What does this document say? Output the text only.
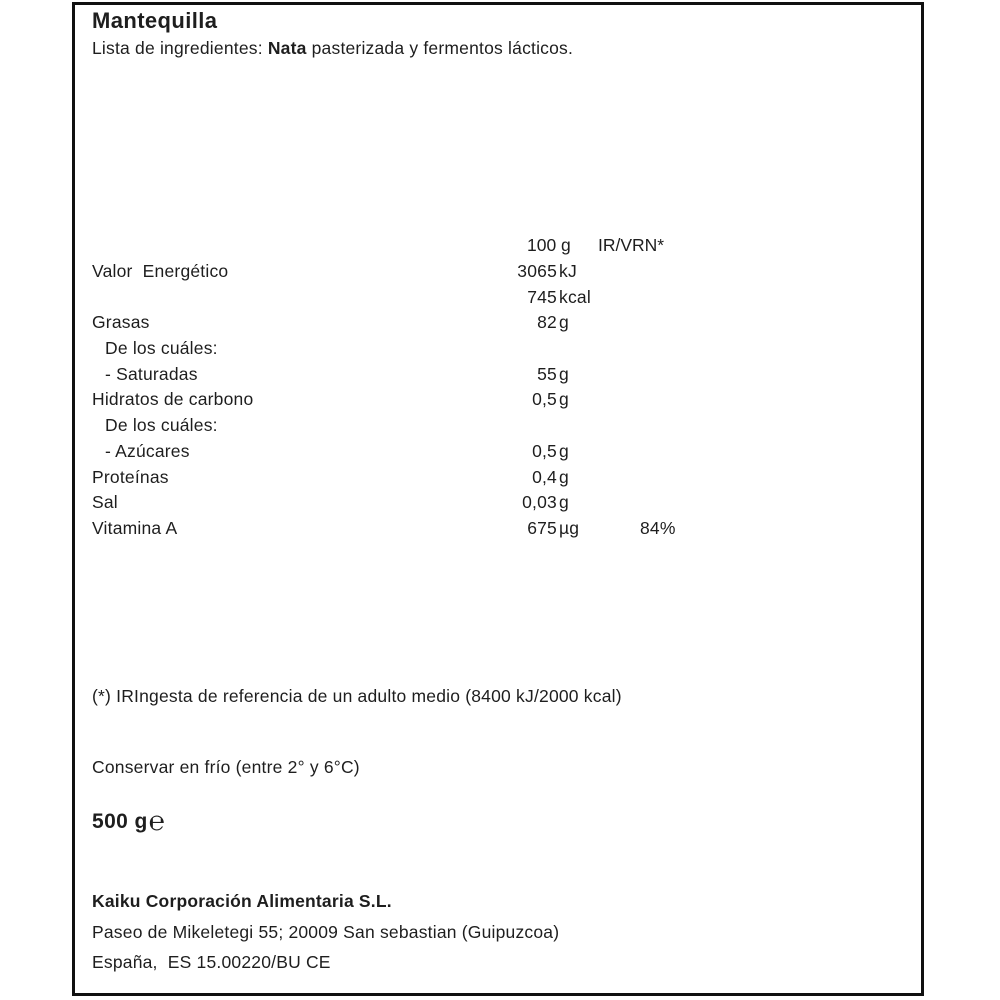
Mantequilla

Lista de ingredientes: Nata pasterizada y fermentos lácticos.

100 g IR/VRN*
Valor  Energético	3065 kJ
745 kcal
Grasas	82 g
De los cuáles:
- Saturadas	55 g
Hidratos de carbono	0,5 g
De los cuáles:
- Azúcares	0,5 g
Proteínas	0,4 g
Sal	0,03 g
Vitamina A	675 µg	84%

(*) IRIngesta de referencia de un adulto medio (8400 kJ/2000 kcal)

Conservar en frío (entre 2° y 6°C)

500 g℮

Kaiku Corporación Alimentaria S.L.

Paseo de Mikeletegi 55; 20009 San sebastian (Guipuzcoa)

España,  ES 15.00220/BU CE
